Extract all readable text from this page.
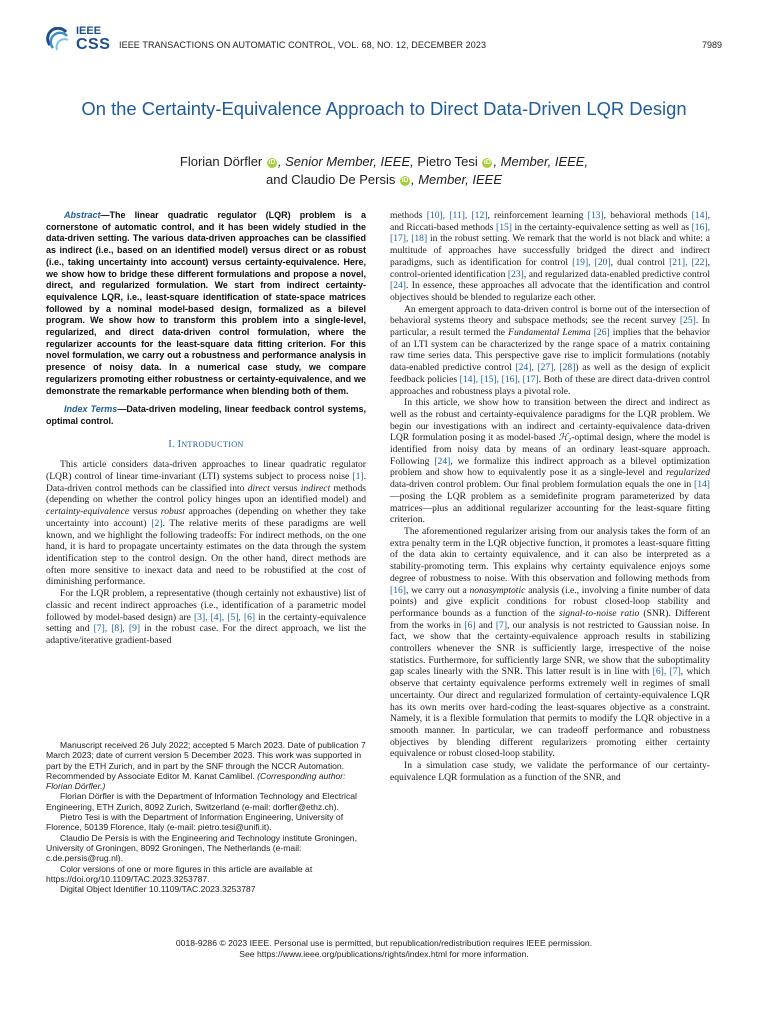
IEEE
CSS IEEE TRANSACTIONS ON AUTOMATIC CONTROL, VOL. 68, NO. 12, DECEMBER 2023	7989
On the Certainty-Equivalence Approach to Direct Data-Driven LQR Design
Florian Dörfler iD , Senior Member, IEEE, Pietro Tesi iD , Member, IEEE,
and Claudio De Persis iD , Member, IEEE
Abstract—The linear quadratic regulator (LQR) problem is a cornerstone of automatic control, and it has been widely studied in the data-driven setting. The various data-driven approaches can be classified as indirect (i.e., based on an identified model) versus direct or as robust (i.e., taking uncertainty into account) versus certainty-equivalence. Here, we show how to bridge these different formulations and propose a novel, direct, and regularized formulation. We start from indirect certainty-equivalence LQR, i.e., least-square identification of state-space matrices followed by a nominal model-based design, formalized as a bilevel program. We show how to transform this problem into a single-level, regularized, and direct data-driven control formulation, where the regularizer accounts for the least-square data fitting criterion. For this novel formulation, we carry out a robustness and performance analysis in presence of noisy data. In a numerical case study, we compare regularizers promoting either robustness or certainty-equivalence, and we demonstrate the remarkable performance when blending both of them.
Index Terms—Data-driven modeling, linear feedback control systems, optimal control.
I. INTRODUCTION

This article considers data-driven approaches to linear quadratic regulator (LQR) control of linear time-invariant (LTI) systems subject to process noise [1]. Data-driven control methods can be classified into direct versus indirect methods (depending on whether the control policy hinges upon an identified model) and certainty-equivalence versus robust approaches (depending on whether they take uncertainty into account) [2]. The relative merits of these paradigms are well known, and we highlight the following tradeoffs: For indirect methods, on the one hand, it is hard to propagate uncertainty estimates on the data through the system identification step to the control design. On the other hand, direct methods are often more sensitive to inexact data and need to be robustified at the cost of diminishing performance.

For the LQR problem, a representative (though certainly not exhaustive) list of classic and recent indirect approaches (i.e., identification of a parametric model followed by model-based design) are [3], [4], [5], [6] in the certainty-equivalence setting and [7], [8], [9] in the robust case. For the direct approach, we list the adaptive/iterative gradient-based

Manuscript received 26 July 2022; accepted 5 March 2023. Date of publication 7 March 2023; date of current version 5 December 2023. This work was supported in part by the ETH Zurich, and in part by the SNF through the NCCR Automation. Recommended by Associate Editor M. Kanat Camlibel. (Corresponding author: Florian Dörfler.)

Florian Dörfler is with the Department of Information Technology and Electrical Engineering, ETH Zurich, 8092 Zurich, Switzerland (e-mail: dorfler@ethz.ch).

Pietro Tesi is with the Department of Information Engineering, University of Florence, 50139 Florence, Italy (e-mail: pietro.tesi@unifi.it).

Claudio De Persis is with the Engineering and Technology institute Groningen, University of Groningen, 8092 Groningen, The Netherlands (e-mail: c.de.persis@rug.nl).

Color versions of one or more figures in this article are available at https://doi.org/10.1109/TAC.2023.3253787.

Digital Object Identifier 10.1109/TAC.2023.3253787

methods [10], [11], [12], reinforcement learning [13], behavioral methods [14], and Riccati-based methods [15] in the certainty-equivalence setting as well as [16], [17], [18] in the robust setting. We remark that the world is not black and white: a multitude of approaches have successfully bridged the direct and indirect paradigms, such as identification for control [19], [20], dual control [21], [22], control-oriented identification [23], and regularized data-enabled predictive control [24]. In essence, these approaches all advocate that the identification and control objectives should be blended to regularize each other.

An emergent approach to data-driven control is borne out of the intersection of behavioral systems theory and subspace methods; see the recent survey [25]. In particular, a result termed the Fundamental Lemma [26] implies that the behavior of an LTI system can be characterized by the range space of a matrix containing raw time series data. This perspective gave rise to implicit formulations (notably data-enabled predictive control [24], [27], [28]) as well as the design of explicit feedback policies [14], [15], [16], [17]. Both of these are direct data-driven control approaches and robustness plays a pivotal role.

In this article, we show how to transition between the direct and indirect as well as the robust and certainty-equivalence paradigms for the LQR problem. We begin our investigations with an indirect and certainty-equivalence data-driven LQR formulation posing it as model-based ℋ₂-optimal design, where the model is identified from noisy data by means of an ordinary least-square approach. Following [24], we formalize this indirect approach as a bilevel optimization problem and show how to equivalently pose it as a single-level and regularized data-driven control problem. Our final problem formulation equals the one in [14]—posing the LQR problem as a semidefinite program parameterized by data matrices—plus an additional regularizer accounting for the least-square fitting criterion.

The aforementioned regularizer arising from our analysis takes the form of an extra penalty term in the LQR objective function, it promotes a least-square fitting of the data akin to certainty equivalence, and it can also be interpreted as a stability-promoting term. This explains why certainty equivalence enjoys some degree of robustness to noise. With this observation and following methods from [16], we carry out a nonasymptotic analysis (i.e., involving a finite number of data points) and give explicit conditions for robust closed-loop stability and performance bounds as a function of the signal-to-noise ratio (SNR). Different from the works in [6] and [7], our analysis is not restricted to Gaussian noise. In fact, we show that the certainty-equivalence approach results in stabilizing controllers whenever the SNR is sufficiently large, irrespective of the noise statistics. Furthermore, for sufficiently large SNR, we show that the suboptimality gap scales linearly with the SNR. This latter result is in line with [6], [7], which observe that certainty equivalence performs extremely well in regimes of small uncertainty. Our direct and regularized formulation of certainty-equivalence LQR has its own merits over hard-coding the least-squares objective as a constraint. Namely, it is a flexible formulation that permits to modify the LQR objective in a smooth manner. In particular, we can tradeoff performance and robustness objectives by blending different regularizers promoting either certainty equivalence or robust closed-loop stability.

In a simulation case study, we validate the performance of our certainty-equivalence LQR formulation as a function of the SNR, and

0018-9286 © 2023 IEEE. Personal use is permitted, but republication/redistribution requires IEEE permission.
See https://www.ieee.org/publications/rights/index.html for more information.
